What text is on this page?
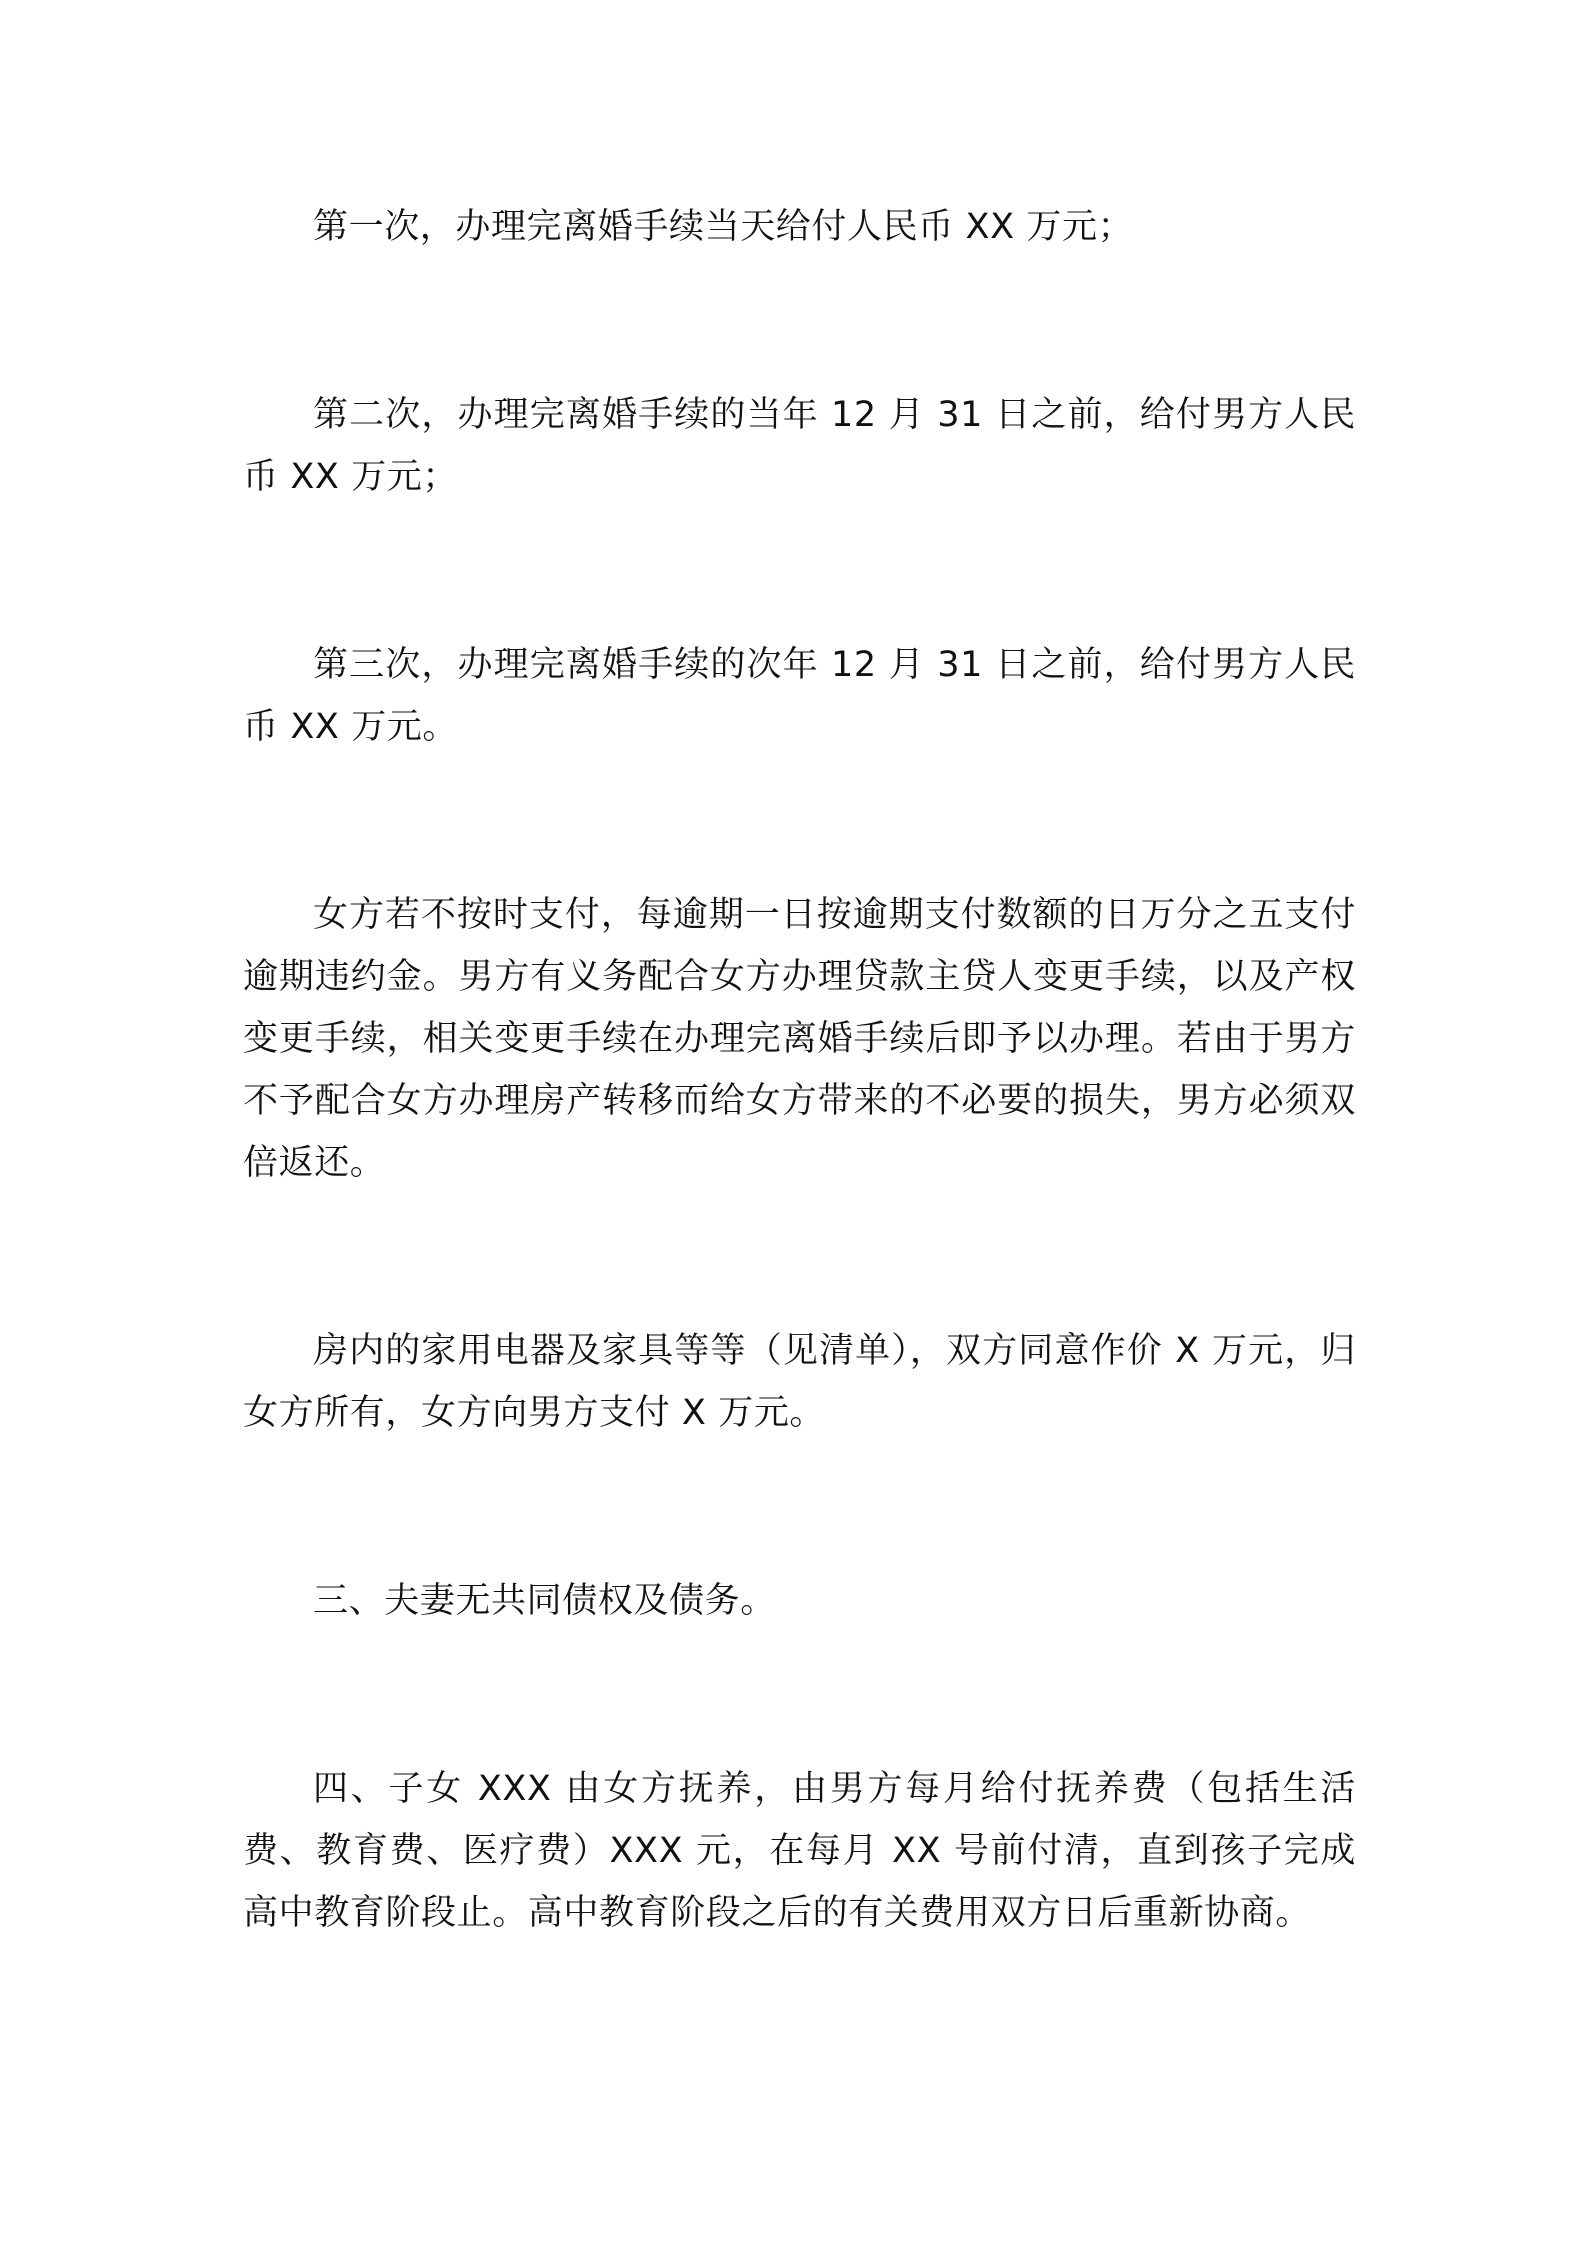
第一次，办理完离婚手续当天给付人民币 XX 万元；

第二次，办理完离婚手续的当年 12 月 31 日之前，给付男方人民币 XX 万元；

第三次，办理完离婚手续的次年 12 月 31 日之前，给付男方人民币 XX 万元。

女方若不按时支付，每逾期一日按逾期支付数额的日万分之五支付逾期违约金。男方有义务配合女方办理贷款主贷人变更手续，以及产权变更手续，相关变更手续在办理完离婚手续后即予以办理。若由于男方不予配合女方办理房产转移而给女方带来的不必要的损失，男方必须双倍返还。

房内的家用电器及家具等等（见清单），双方同意作价 X 万元，归女方所有，女方向男方支付 X 万元。

三、夫妻无共同债权及债务。

四、子女 XXX 由女方抚养，由男方每月给付抚养费（包括生活费、教育费、医疗费）XXX 元，在每月 XX 号前付清，直到孩子完成高中教育阶段止。高中教育阶段之后的有关费用双方日后重新协商。
